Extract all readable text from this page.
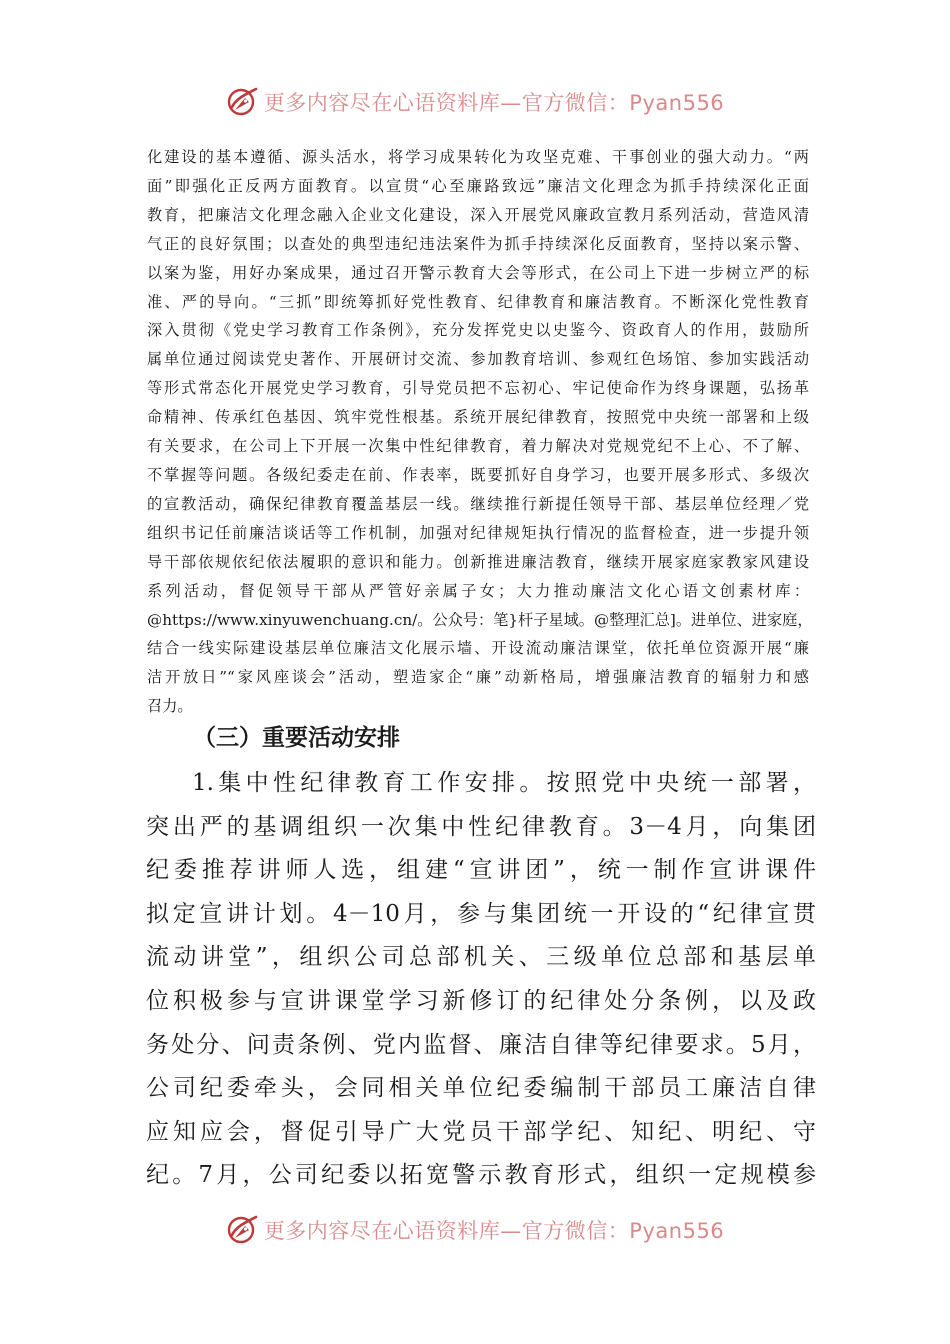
更多内容尽在心语资料库—官方微信：Pyan556
化建设的基本遵循、源头活水，将学习成果转化为攻坚克难、干事创业的强大动力。“两
面”即强化正反两方面教育。以宣贯“心至廉路致远”廉洁文化理念为抓手持续深化正面
教育，把廉洁文化理念融入企业文化建设，深入开展党风廉政宣教月系列活动，营造风清
气正的良好氛围；以查处的典型违纪违法案件为抓手持续深化反面教育，坚持以案示警、
以案为鉴，用好办案成果，通过召开警示教育大会等形式，在公司上下进一步树立严的标
准、严的导向。“三抓”即统筹抓好党性教育、纪律教育和廉洁教育。不断深化党性教育
深入贯彻《党史学习教育工作条例》，充分发挥党史以史鉴今、资政育人的作用，鼓励所
属单位通过阅读党史著作、开展研讨交流、参加教育培训、参观红色场馆、参加实践活动
等形式常态化开展党史学习教育，引导党员把不忘初心、牢记使命作为终身课题，弘扬革
命精神、传承红色基因、筑牢党性根基。系统开展纪律教育，按照党中央统一部署和上级
有关要求，在公司上下开展一次集中性纪律教育，着力解决对党规党纪不上心、不了解、
不掌握等问题。各级纪委走在前、作表率，既要抓好自身学习，也要开展多形式、多级次
的宣教活动，确保纪律教育覆盖基层一线。继续推行新提任领导干部、基层单位经理／党
组织书记任前廉洁谈话等工作机制，加强对纪律规矩执行情况的监督检查，进一步提升领
导干部依规依纪依法履职的意识和能力。创新推进廉洁教育，继续开展家庭家教家风建设
系列活动，督促领导干部从严管好亲属子女；大力推动廉洁文化心语文创素材库：
@https://www.xinyuwenchuang.cn/。公众号：笔}杆子星域。@整理汇总]。进单位、进家庭，
结合一线实际建设基层单位廉洁文化展示墙、开设流动廉洁课堂，依托单位资源开展“廉
洁开放日”“家风座谈会”活动，塑造家企“廉”动新格局，增强廉洁教育的辐射力和感
召力。
（三）重要活动安排
1.集中性纪律教育工作安排。按照党中央统一部署，
突出严的基调组织一次集中性纪律教育。3－4月，向集团
纪委推荐讲师人选，组建“宣讲团”，统一制作宣讲课件
拟定宣讲计划。4－10月，参与集团统一开设的“纪律宣贯
流动讲堂”，组织公司总部机关、三级单位总部和基层单
位积极参与宣讲课堂学习新修订的纪律处分条例，以及政
务处分、问责条例、党内监督、廉洁自律等纪律要求。5月，
公司纪委牵头，会同相关单位纪委编制干部员工廉洁自律
应知应会，督促引导广大党员干部学纪、知纪、明纪、守
纪。7月，公司纪委以拓宽警示教育形式，组织一定规模参
更多内容尽在心语资料库—官方微信：Pyan556
